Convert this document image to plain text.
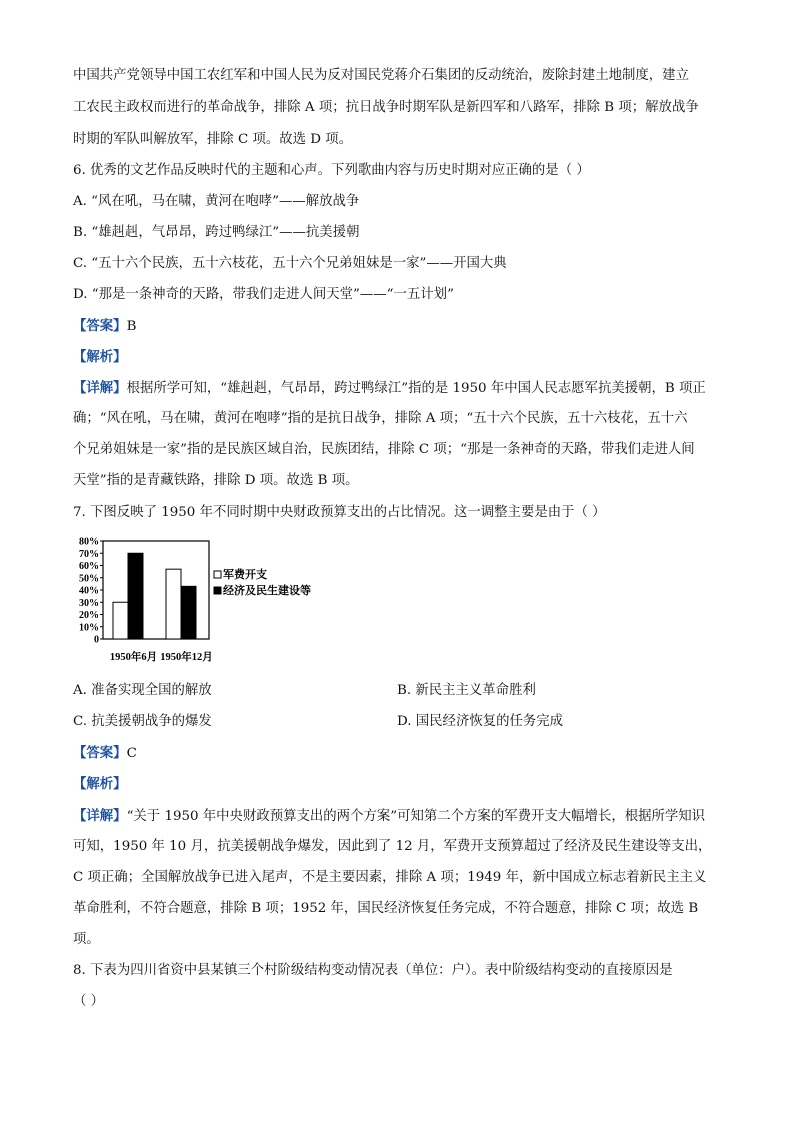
中国共产党领导中国工农红军和中国人民为反对国民党蒋介石集团的反动统治，废除封建土地制度，建立
工农民主政权而进行的革命战争，排除 A 项；抗日战争时期军队是新四军和八路军，排除 B 项；解放战争
时期的军队叫解放军，排除 C 项。故选 D 项。
6. 优秀的文艺作品反映时代的主题和心声。下列歌曲内容与历史时期对应正确的是（ ）
A. “风在吼，马在啸，黄河在咆哮”——解放战争
B. “雄赳赳，气昂昂，跨过鸭绿江”——抗美援朝
C. “五十六个民族，五十六枝花，五十六个兄弟姐妹是一家”——开国大典
D. “那是一条神奇的天路，带我们走进人间天堂”——“一五计划”
【答案】B
【解析】
【详解】根据所学可知，“雄赳赳，气昂昂，跨过鸭绿江”指的是 1950 年中国人民志愿军抗美援朝，B 项正
确；“风在吼，马在啸，黄河在咆哮”指的是抗日战争，排除 A 项；“五十六个民族，五十六枝花，五十六
个兄弟姐妹是一家”指的是民族区域自治，民族团结，排除 C 项；“那是一条神奇的天路，带我们走进人间
天堂”指的是青藏铁路，排除 D 项。故选 B 项。
7. 下图反映了 1950 年不同时期中央财政预算支出的占比情况。这一调整主要是由于（ ）
80%
70%
60%
50%
40%
30%
20%
10%
0
1950年6月 1950年12月
军费开支
经济及民生建设等
A. 准备实现全国的解放	B. 新民主主义革命胜利
C. 抗美援朝战争的爆发	D. 国民经济恢复的任务完成
【答案】C
【解析】
【详解】“关于 1950 年中央财政预算支出的两个方案”可知第二个方案的军费开支大幅增长，根据所学知识
可知，1950 年 10 月，抗美援朝战争爆发，因此到了 12 月，军费开支预算超过了经济及民生建设等支出，
C 项正确；全国解放战争已进入尾声，不是主要因素，排除 A 项；1949 年，新中国成立标志着新民主主义
革命胜利，不符合题意，排除 B 项；1952 年，国民经济恢复任务完成，不符合题意，排除 C 项；故选 B
项。
8. 下表为四川省资中县某镇三个村阶级结构变动情况表（单位：户）。表中阶级结构变动的直接原因是
（ ）
